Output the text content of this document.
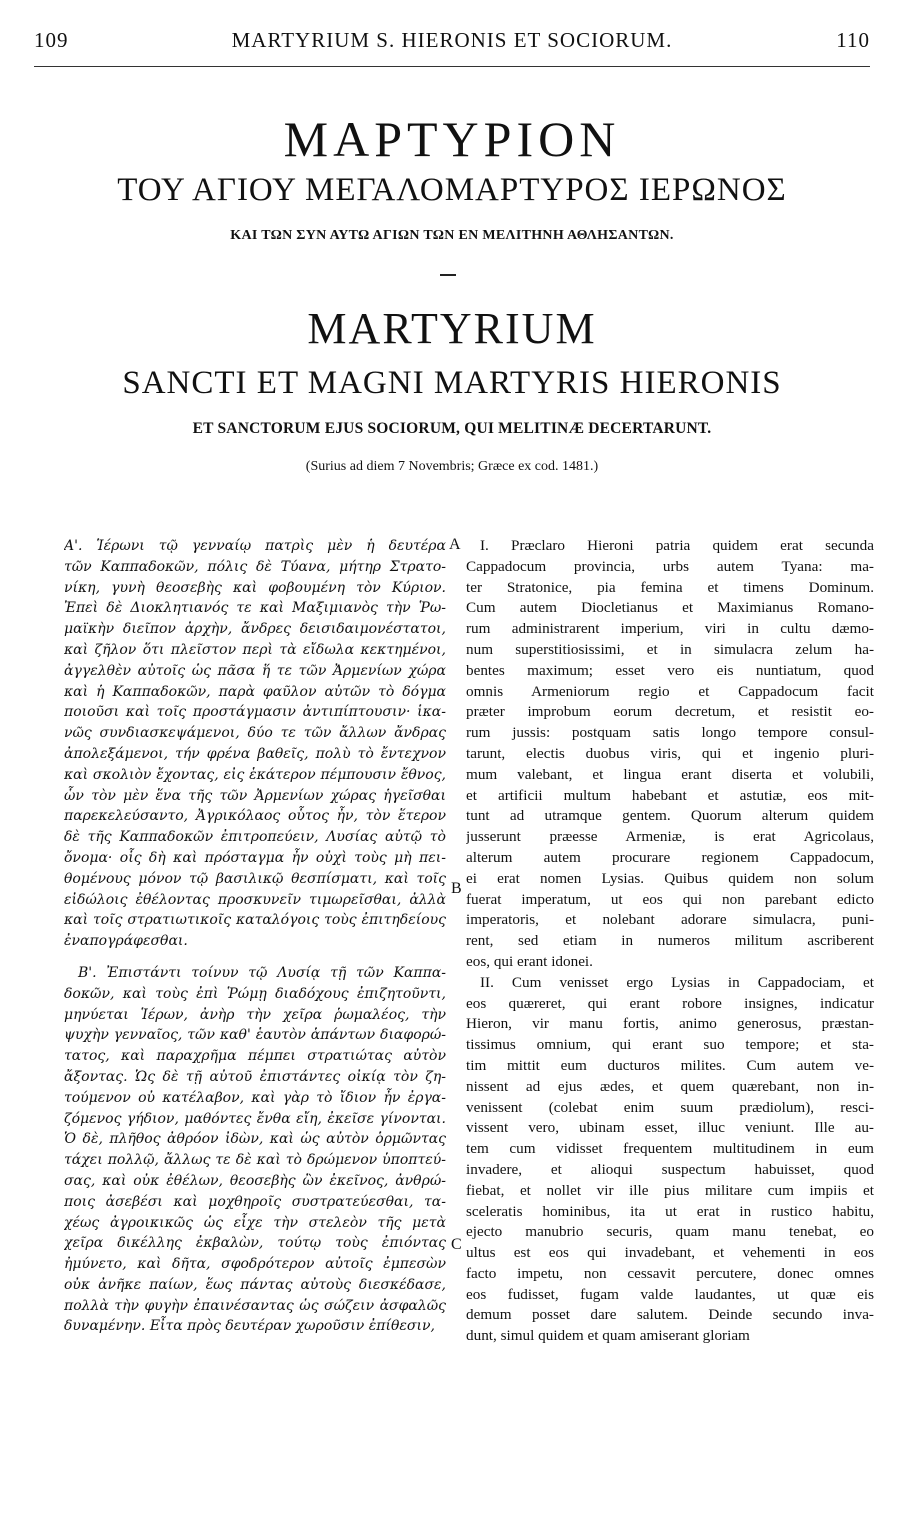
109	MARTYRIUM S. HIERONIS ET SOCIORUM.	110
ΜΑΡΤΥΡΙΟΝ
ΤΟΥ ΑΓΙΟΥ ΜΕΓΑΛΟΜΑΡΤΥΡΟΣ ΙΕΡΩΝΟΣ
ΚΑΙ ΤΩΝ ΣΥΝ ΑΥΤΩ ΑΓΙΩΝ ΤΩΝ ΕΝ ΜΕΛΙΤΗΝΗ ΑΘΛΗΣΑΝΤΩΝ.
MARTYRIUM
SANCTI ET MAGNI MARTYRIS HIERONIS
ET SANCTORUM EJUS SOCIORUM, QUI MELITINÆ DECERTARUNT.
(Surius ad diem 7 Novembris; Græce ex cod. 1481.)
Α'. Ἱέρωνι τῷ γενναίῳ πατρὶς μὲν ἡ δευτέρα
τῶν Καππαδοκῶν, πόλις δὲ Τύανα, μήτηρ Στρατο-
νίκη, γυνὴ θεοσεβὴς καὶ φοβουμένη τὸν Κύριον.
Ἐπεὶ δὲ Διοκλητιανός τε καὶ Μαξιμιανὸς τὴν Ῥω-
μαϊκὴν διεῖπον ἀρχὴν, ἄνδρες δεισιδαιμονέστατοι,
καὶ ζῆλον ὅτι πλεῖστον περὶ τὰ εἴδωλα κεκτημένοι,
ἀγγελθὲν αὐτοῖς ὡς πᾶσα ἥ τε τῶν Ἀρμενίων χώρα
καὶ ἡ Καππαδοκῶν, παρὰ φαῦλον αὐτῶν τὸ δόγμα
ποιοῦσι καὶ τοῖς προστάγμασιν ἀντιπίπτουσιν· ἱκα-
νῶς συνδιασκεψάμενοι, δύο τε τῶν ἄλλων ἄνδρας
ἀπολεξάμενοι, τήν φρένα βαθεῖς, πολὺ τὸ ἔντεχνον
καὶ σκολιὸν ἔχοντας, εἰς ἑκάτερον πέμπουσιν ἔθνος,
ὧν τὸν μὲν ἕνα τῆς τῶν Ἀρμενίων χώρας ἡγεῖσθαι
παρεκελεύσαντο, Ἀγρικόλαος οὗτος ἦν, τὸν ἕτερον
δὲ τῆς Καππαδοκῶν ἐπιτροπεύειν, Λυσίας αὐτῷ τὸ
ὄνομα· οἷς δὴ καὶ πρόσταγμα ἦν οὐχὶ τοὺς μὴ πει-
θομένους μόνον τῷ βασιλικῷ θεσπίσματι, καὶ τοῖς
εἰδώλοις ἐθέλοντας προσκυνεῖν τιμωρεῖσθαι, ἀλλὰ
καὶ τοῖς στρατιωτικοῖς καταλόγοις τοὺς ἐπιτηδείους
ἐναπογράφεσθαι.
Β'. Ἐπιστάντι τοίνυν τῷ Λυσίᾳ τῇ τῶν Καππα-
δοκῶν, καὶ τοὺς ἐπὶ Ῥώμῃ διαδόχους ἐπιζητοῦντι,
μηνύεται Ἱέρων, ἀνὴρ τὴν χεῖρα ῥωμαλέος, τὴν
ψυχὴν γενναῖος, τῶν καθ' ἑαυτὸν ἁπάντων διαφορώ-
τατος, καὶ παραχρῆμα πέμπει στρατιώτας αὐτὸν
ἄξοντας. Ὡς δὲ τῇ αὐτοῦ ἐπιστάντες οἰκίᾳ τὸν ζη-
τούμενον οὐ κατέλαβον, καὶ γὰρ τὸ ἴδιον ἦν ἐργα-
ζόμενος γήδιον, μαθόντες ἔνθα εἴη, ἐκεῖσε γίνονται.
Ὁ δὲ, πλῆθος ἀθρόον ἰδὼν, καὶ ὡς αὐτὸν ὁρμῶντας
τάχει πολλῷ, ἄλλως τε δὲ καὶ τὸ δρώμενον ὑποπτεύ-
σας, καὶ οὐκ ἐθέλων, θεοσεβὴς ὢν ἐκεῖνος, ἀνθρώ-
ποις ἀσεβέσι καὶ μοχθηροῖς συστρατεύεσθαι, τα-
χέως ἀγροικικῶς ὡς εἶχε τὴν στελεὸν τῆς μετὰ
χεῖρα δικέλλης ἐκβαλὼν, τούτῳ τοὺς ἐπιόντας
ἠμύνετο, καὶ δῆτα, σφοδρότερον αὐτοῖς ἐμπεσὼν
οὐκ ἀνῆκε παίων, ἕως πάντας αὐτοὺς διεσκέδασε,
πολλὰ τὴν φυγὴν ἐπαινέσαντας ὡς σώζειν ἀσφαλῶς
δυναμένην. Εἶτα πρὸς δευτέραν χωροῦσιν ἐπίθεσιν,
I. Præclaro Hieroni patria quidem erat secunda
Cappadocum provincia, urbs autem Tyana: ma-
ter Stratonice, pia femina et timens Dominum.
Cum autem Diocletianus et Maximianus Romano-
rum administrarent imperium, viri in cultu dæmo-
num superstitiosissimi, et in simulacra zelum ha-
bentes maximum; esset vero eis nuntiatum, quod
omnis Armeniorum regio et Cappadocum facit
præter improbum eorum decretum, et resistit eo-
rum jussis: postquam satis longo tempore consul-
tarunt, electis duobus viris, qui et ingenio pluri-
mum valebant, et lingua erant diserta et volubili,
et artificii multum habebant et astutiæ, eos mit-
tunt ad utramque gentem. Quorum alterum quidem
jusserunt præesse Armeniæ, is erat Agricolaus,
alterum autem procurare regionem Cappadocum,
ei erat nomen Lysias. Quibus quidem non solum
fuerat imperatum, ut eos qui non parebant edicto
imperatoris, et nolebant adorare simulacra, puni-
rent, sed etiam in numeros militum ascriberent
eos, qui erant idonei.
II. Cum venisset ergo Lysias in Cappadociam, et
eos quæreret, qui erant robore insignes, indicatur
Hieron, vir manu fortis, animo generosus, præstan-
tissimus omnium, qui erant suo tempore; et sta-
tim mittit eum ducturos milites. Cum autem ve-
nissent ad ejus ædes, et quem quærebant, non in-
venissent (colebat enim suum prædiolum), resci-
vissent vero, ubinam esset, illuc veniunt. Ille au-
tem cum vidisset frequentem multitudinem in eum
invadere, et alioqui suspectum habuisset, quod
fiebat, et nollet vir ille pius militare cum impiis et
sceleratis hominibus, ita ut erat in rustico habitu,
ejecto manubrio securis, quam manu tenebat, eo
ultus est eos qui invadebant, et vehementi in eos
facto impetu, non cessavit percutere, donec omnes
eos fudisset, fugam valde laudantes, ut quæ eis
demum posset dare salutem. Deinde secundo inva-
dunt, simul quidem et quam amiserant gloriam
A
B
C
